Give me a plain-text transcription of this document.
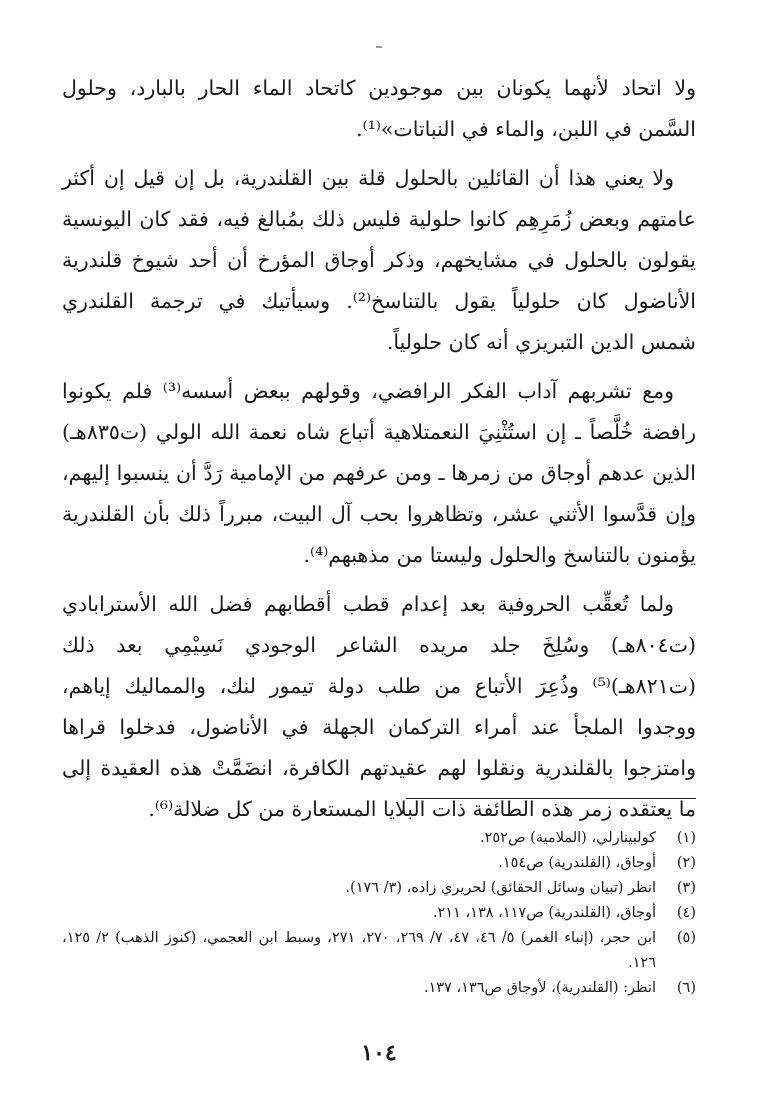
ولا اتحاد لأنهما يكونان بين موجودين كاتحاد الماء الحار بالبارد، وحلول
السَّمن في اللبن، والماء في النباتات»⁽¹⁾.

ولا يعني هذا أن القائلين بالحلول قلة بين القلندرية، بل إن قيل إن أكثر
عامتهم وبعض زُمَرِهِم كانوا حلولية فليس ذلك بمُبالغ فيه، فقد كان اليونسية
يقولون بالحلول في مشايخهم، وذكر أوجاق المؤرخ أن أحد شيوخ قلندرية
الأناضول كان حلولياً يقول بالتناسخ⁽²⁾. وسيأتيك في ترجمة القلندري
شمس الدين التبريزي أنه كان حلولياً.

ومع تشربهم آداب الفكر الرافضي، وقولهم ببعض أسسه⁽³⁾ فلم يكونوا
رافضة خُلَّصاً ـ إن استُثْنِيَ النعمتلاهية أتباع شاه نعمة الله الولي (ت٨٣٥هـ)
الذين عدهم أوجاق من زمرها ـ ومن عرفهم من الإمامية رَدَّ أن ينسبوا إليهم،
وإن قدَّسوا الأثني عشر، وتظاهروا بحب آل البيت، مبرراً ذلك بأن القلندرية
يؤمنون بالتناسخ والحلول وليستا من مذهبهم⁽⁴⁾.

ولما تُعقِّب الحروفية بعد إعدام قطب أقطابهم فضل الله الأسترابادي
(ت٨٠٤هـ) وسُلِخَ جلد مريده الشاعر الوجودي نَسِيْمِي بعد ذلك
(ت٨٢١هـ)⁽⁵⁾ وذُعِرَ الأتباع من طلب دولة تيمور لنك، والمماليك إياهم،
ووجدوا الملجأ عند أمراء التركمان الجهلة في الأناضول، فدخلوا قراها
وامتزجوا بالقلندرية ونقلوا لهم عقيدتهم الكافرة، انضَمَّتْ هذه العقيدة إلى
ما يعتقده زمر هذه الطائفة ذات البلايا المستعارة من كل ضلالة⁽⁶⁾.

(١)
كولبينارلي، (الملامية) ص٢٥٢.

(٢)
أوجاق، (القلندرية) ص١٥٤.

(٣)
انظر (تبيان وسائل الحقائق) لحريري زاده، (٣/ ١٧٦).

(٤)
أوجاق، (القلندرية) ص١١٧، ١٣٨، ٢١١.

(٥)
ابن حجر، (إنباء الغمر) ٥/ ٤٦، ٤٧، ٧/ ٢٦٩، ٢٧٠، ٢٧١، وسبط ابن العجمي، (كنوز الذهب) ٢/ ١٢٥، ١٢٦.

(٦)
انظر: (القلندرية)، لأوجاق ص١٣٦، ١٣٧.

١٠٤
